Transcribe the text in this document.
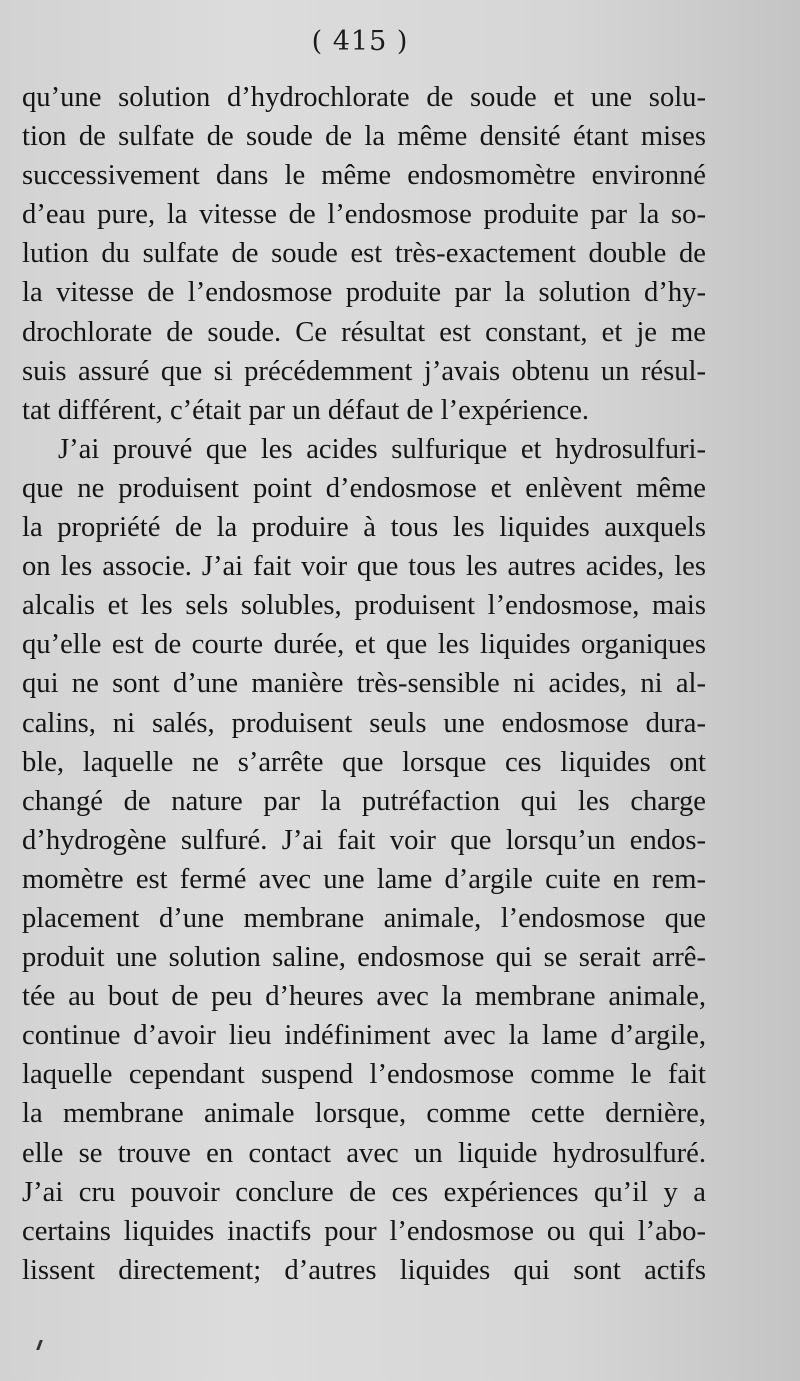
( 415 )
qu’une solution d’hydrochlorate de soude et une solu-
tion de sulfate de soude de la même densité étant mises
successivement dans le même endosmomètre environné
d’eau pure, la vitesse de l’endosmose produite par la so-
lution du sulfate de soude est très-exactement double de
la vitesse de l’endosmose produite par la solution d’hy-
drochlorate de soude. Ce résultat est constant, et je me
suis assuré que si précédemment j’avais obtenu un résul-
tat différent, c’était par un défaut de l’expérience.
J’ai prouvé que les acides sulfurique et hydrosulfuri-
que ne produisent point d’endosmose et enlèvent même
la propriété de la produire à tous les liquides auxquels
on les associe. J’ai fait voir que tous les autres acides, les
alcalis et les sels solubles, produisent l’endosmose, mais
qu’elle est de courte durée, et que les liquides organiques
qui ne sont d’une manière très-sensible ni acides, ni al-
calins, ni salés, produisent seuls une endosmose dura-
ble, laquelle ne s’arrête que lorsque ces liquides ont
changé de nature par la putréfaction qui les charge
d’hydrogène sulfuré. J’ai fait voir que lorsqu’un endos-
momètre est fermé avec une lame d’argile cuite en rem-
placement d’une membrane animale, l’endosmose que
produit une solution saline, endosmose qui se serait arrê-
tée au bout de peu d’heures avec la membrane animale,
continue d’avoir lieu indéfiniment avec la lame d’argile,
laquelle cependant suspend l’endosmose comme le fait
la membrane animale lorsque, comme cette dernière,
elle se trouve en contact avec un liquide hydrosulfuré.
J’ai cru pouvoir conclure de ces expériences qu’il y a
certains liquides inactifs pour l’endosmose ou qui l’abo-
lissent directement; d’autres liquides qui sont actifs
